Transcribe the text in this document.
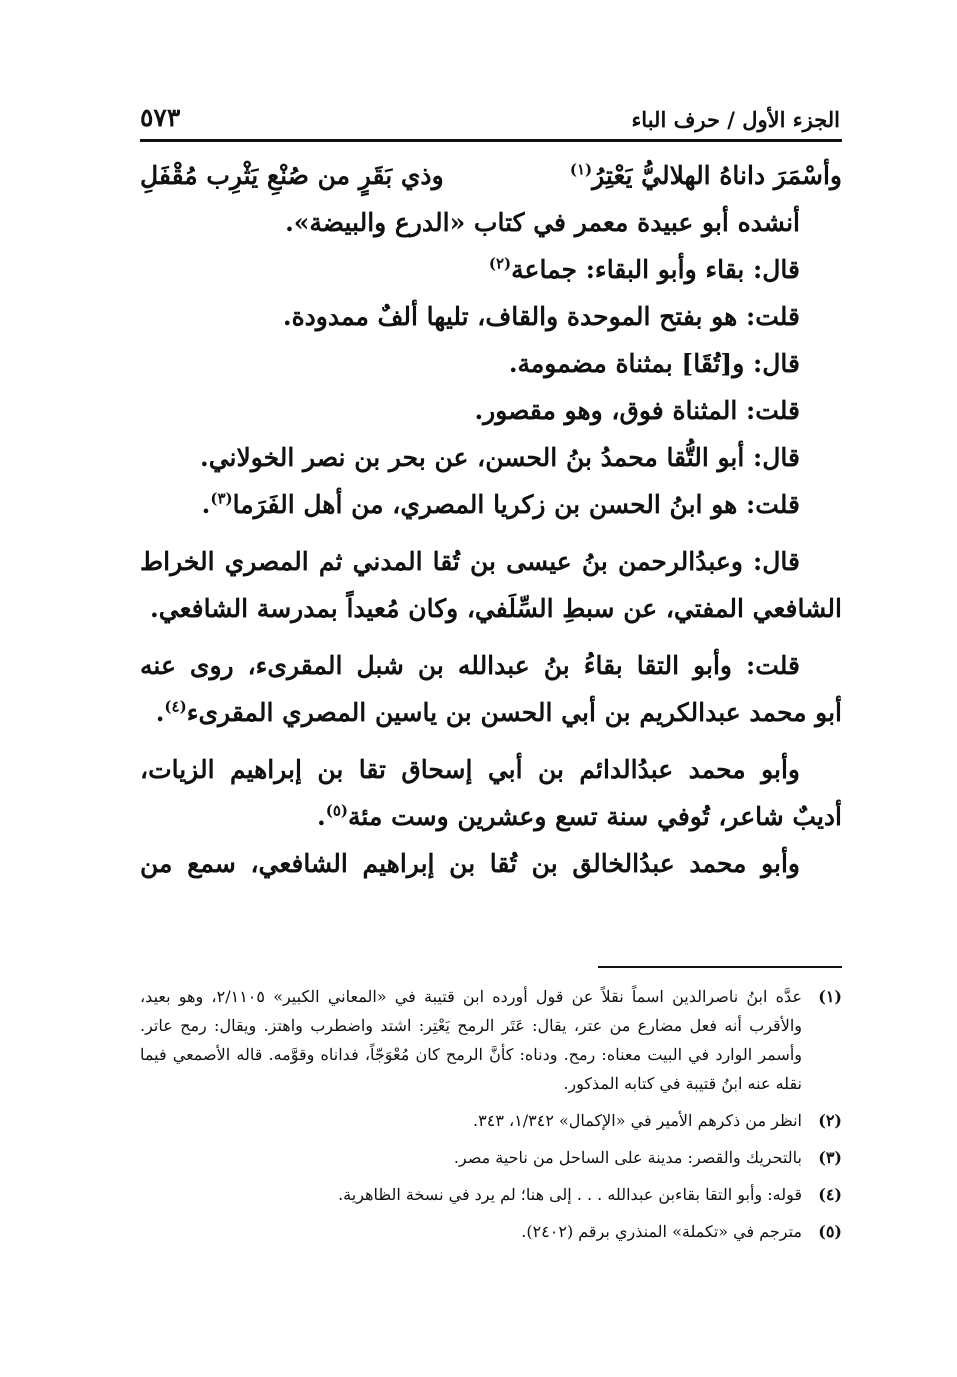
الجزء الأول / حرف الباء
٥٧٣
وأسْمَرَ داناهُ الهلاليُّ يَعْتِرُ$^{(١)}$
وذي بَقَرٍ من صُنْعِ يَثْرِب مُقْفَلِ
أنشده أبو عبيدة معمر في كتاب «الدرع والبيضة».
قال: بقاء وأبو البقاء: جماعة$^{(٢)}$
قلت: هو بفتح الموحدة والقاف، تليها ألفٌ ممدودة.
قال: و[تُقَا] بمثناة مضمومة.
قلت: المثناة فوق، وهو مقصور.
قال: أبو التُّقا محمدُ بنُ الحسن، عن بحر بن نصر الخولاني.
قلت: هو ابنُ الحسن بن زكريا المصري، من أهل الفَرَما$^{(٣)}$.
قال: وعبدُالرحمن بنُ عيسى بن تُقا المدني ثم المصري الخراط
الشافعي المفتي، عن سبطِ السِّلَفي، وكان مُعيداً بمدرسة الشافعي.
قلت: وأبو التقا بقاءُ بنُ عبدالله بن شبل المقرىء، روى عنه
أبو محمد عبدالكريم بن أبي الحسن بن ياسين المصري المقرىء$^{(٤)}$.
وأبو محمد عبدُالدائم بن أبي إسحاق تقا بن إبراهيم الزيات،
أديبٌ شاعر، تُوفي سنة تسع وعشرين وست مئة$^{(٥)}$.
وأبو محمد عبدُالخالق بن تُقا بن إبراهيم الشافعي، سمع من
(١)
عدَّه ابنُ ناصرالدين اسماً نقلاً عن قول أورده ابن قتيبة في «المعاني الكبير» ٢/١١٠٥، وهو بعيد، والأقرب أنه فعل مضارع من عتر، يقال: عَتَر الرمح يَعْتِر: اشتد واضطرب واهتز. ويقال: رمح عاتر. وأسمر الوارد في البيت معناه: رمح. ودناه: كأنَّ الرمح كان مُعْوَجّاً، فداناه وقوَّمه. قاله الأصمعي فيما نقله عنه ابنُ قتيبة في كتابه المذكور.
(٢)
انظر من ذكرهم الأمير في «الإكمال» ١/٣٤٢، ٣٤٣.
(٣)
بالتحريك والقصر: مدينة على الساحل من ناحية مصر.
(٤)
قوله: وأبو التقا بقاءبن عبدالله . . . إلى هنا؛ لم يرد في نسخة الظاهرية.
(٥)
مترجم في «تكملة» المنذري برقم (٢٤٠٢).
